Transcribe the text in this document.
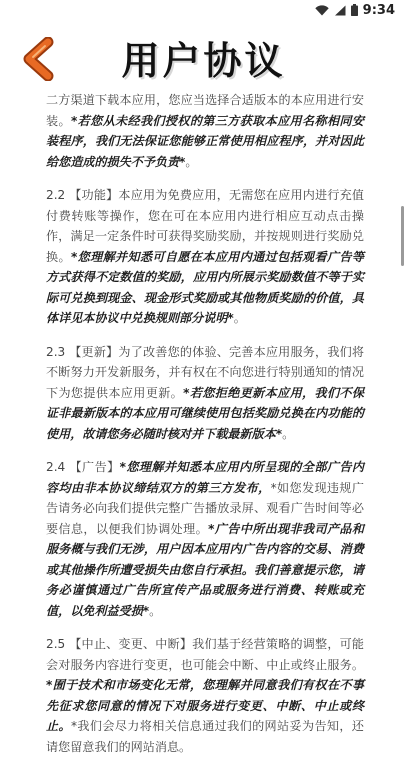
9:34
用户协议

二方渠道下载本应用，您应当选择合适版本的本应用进行安装。*若您从未经我们授权的第三方获取本应用名称相同安装程序，我们无法保证您能够正常使用相应程序，并对因此给您造成的损失不予负责*。

2.2 【功能】本应用为免费应用，无需您在应用内进行充值付费转账等操作，您在可在本应用内进行相应互动点击操作，满足一定条件时可获得奖励奖励，并按规则进行奖励兑换。*您理解并知悉可自愿在本应用内通过包括观看广告等方式获得不定数值的奖励，应用内所展示奖励数值不等于实际可兑换到现金、现金形式奖励或其他物质奖励的价值，具体详见本协议中兑换规则部分说明*。

2.3 【更新】为了改善您的体验、完善本应用服务，我们将不断努力开发新服务，并有权在不向您进行特别通知的情况下为您提供本应用更新。*若您拒绝更新本应用，我们不保证非最新版本的本应用可继续使用包括奖励兑换在内功能的使用，故请您务必随时核对并下载最新版本*。

2.4 【广告】*您理解并知悉本应用内所呈现的全部广告内容均由非本协议缔结双方的第三方发布，*如您发现违规广告请务必向我们提供完整广告播放录屏、观看广告时间等必要信息，以便我们协调处理。*广告中所出现非我司产品和服务概与我们无涉，用户因本应用内广告内容的交易、消费或其他操作所遭受损失由您自行承担。我们善意提示您，请务必谨慎通过广告所宣传产品或服务进行消费、转账或充值，以免利益受损*。

2.5 【中止、变更、中断】我们基于经营策略的调整，可能会对服务内容进行变更，也可能会中断、中止或终止服务。*囿于技术和市场变化无常，您理解并同意我们有权在不事先征求您同意的情况下对服务进行变更、中断、中止或终止。*我们会尽力将相关信息通过我们的网站妥为告知，还请您留意我们的网站消息。
